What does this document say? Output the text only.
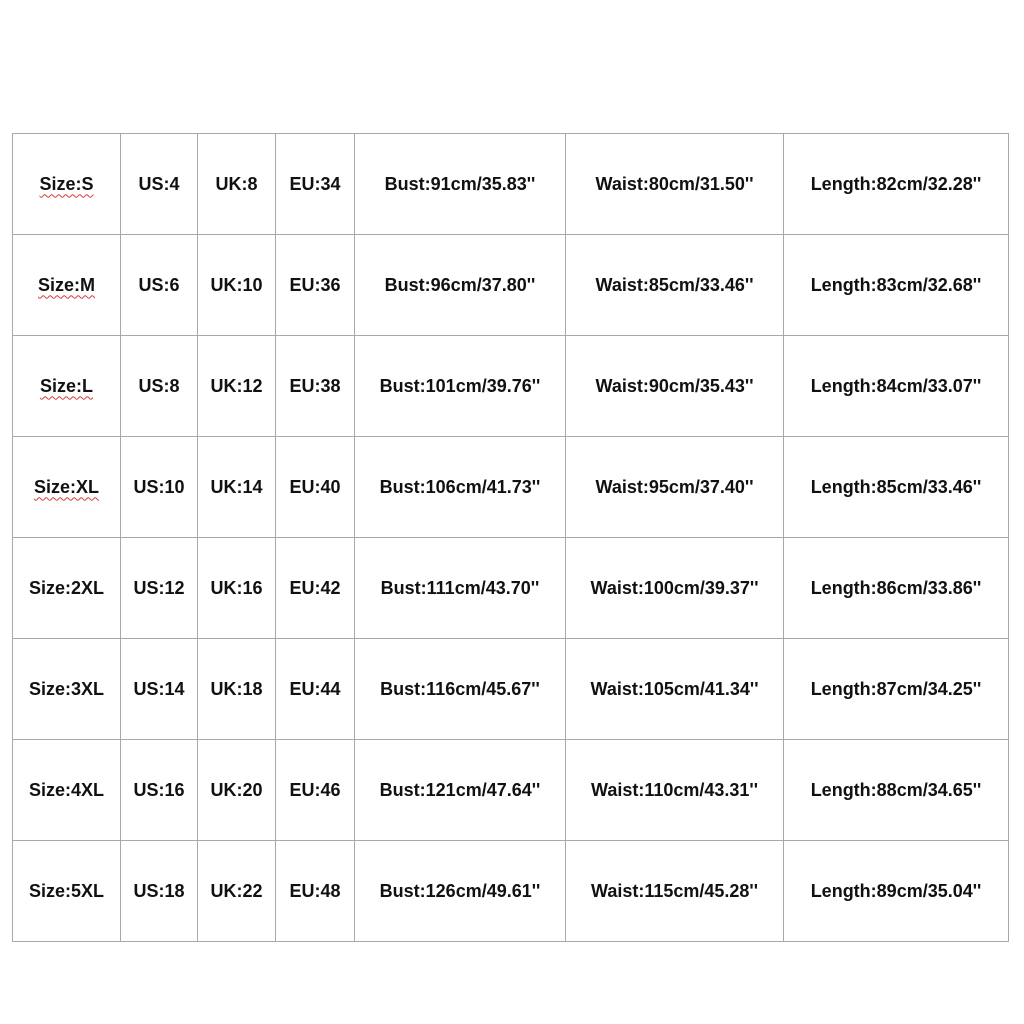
Size:S	US:4	UK:8	EU:34	Bust:91cm/35.83''	Waist:80cm/31.50''	Length:82cm/32.28''
Size:M	US:6	UK:10	EU:36	Bust:96cm/37.80''	Waist:85cm/33.46''	Length:83cm/32.68''
Size:L	US:8	UK:12	EU:38	Bust:101cm/39.76''	Waist:90cm/35.43''	Length:84cm/33.07''
Size:XL	US:10	UK:14	EU:40	Bust:106cm/41.73''	Waist:95cm/37.40''	Length:85cm/33.46''
Size:2XL	US:12	UK:16	EU:42	Bust:111cm/43.70''	Waist:100cm/39.37''	Length:86cm/33.86''
Size:3XL	US:14	UK:18	EU:44	Bust:116cm/45.67''	Waist:105cm/41.34''	Length:87cm/34.25''
Size:4XL	US:16	UK:20	EU:46	Bust:121cm/47.64''	Waist:110cm/43.31''	Length:88cm/34.65''
Size:5XL	US:18	UK:22	EU:48	Bust:126cm/49.61''	Waist:115cm/45.28''	Length:89cm/35.04''
